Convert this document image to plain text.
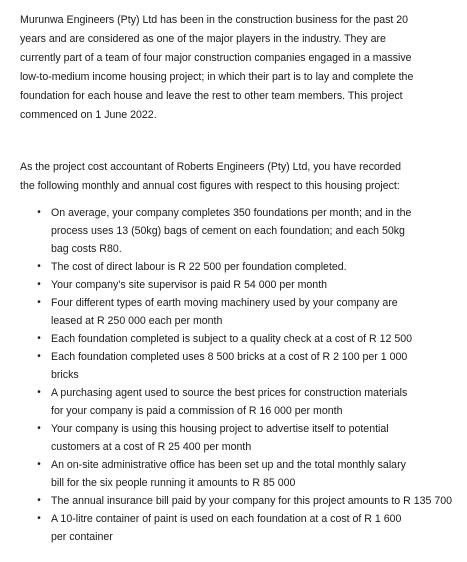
Murunwa Engineers (Pty) Ltd has been in the construction business for the past 20
years and are considered as one of the major players in the industry. They are
currently part of a team of four major construction companies engaged in a massive
low-to-medium income housing project; in which their part is to lay and complete the
foundation for each house and leave the rest to other team members. This project
commenced on 1 June 2022.

As the project cost accountant of Roberts Engineers (Pty) Ltd, you have recorded
the following monthly and annual cost figures with respect to this housing project:

• On average, your company completes 350 foundations per month; and in the
process uses 13 (50kg) bags of cement on each foundation; and each 50kg
bag costs R80.
• The cost of direct labour is R 22 500 per foundation completed.
• Your company's site supervisor is paid R 54 000 per month
• Four different types of earth moving machinery used by your company are
leased at R 250 000 each per month
• Each foundation completed is subject to a quality check at a cost of R 12 500
• Each foundation completed uses 8 500 bricks at a cost of R 2 100 per 1 000
bricks
• A purchasing agent used to source the best prices for construction materials
for your company is paid a commission of R 16 000 per month
• Your company is using this housing project to advertise itself to potential
customers at a cost of R 25 400 per month
• An on-site administrative office has been set up and the total monthly salary
bill for the six people running it amounts to R 85 000
• The annual insurance bill paid by your company for this project amounts to R 135 700
• A 10-litre container of paint is used on each foundation at a cost of R 1 600
per container
